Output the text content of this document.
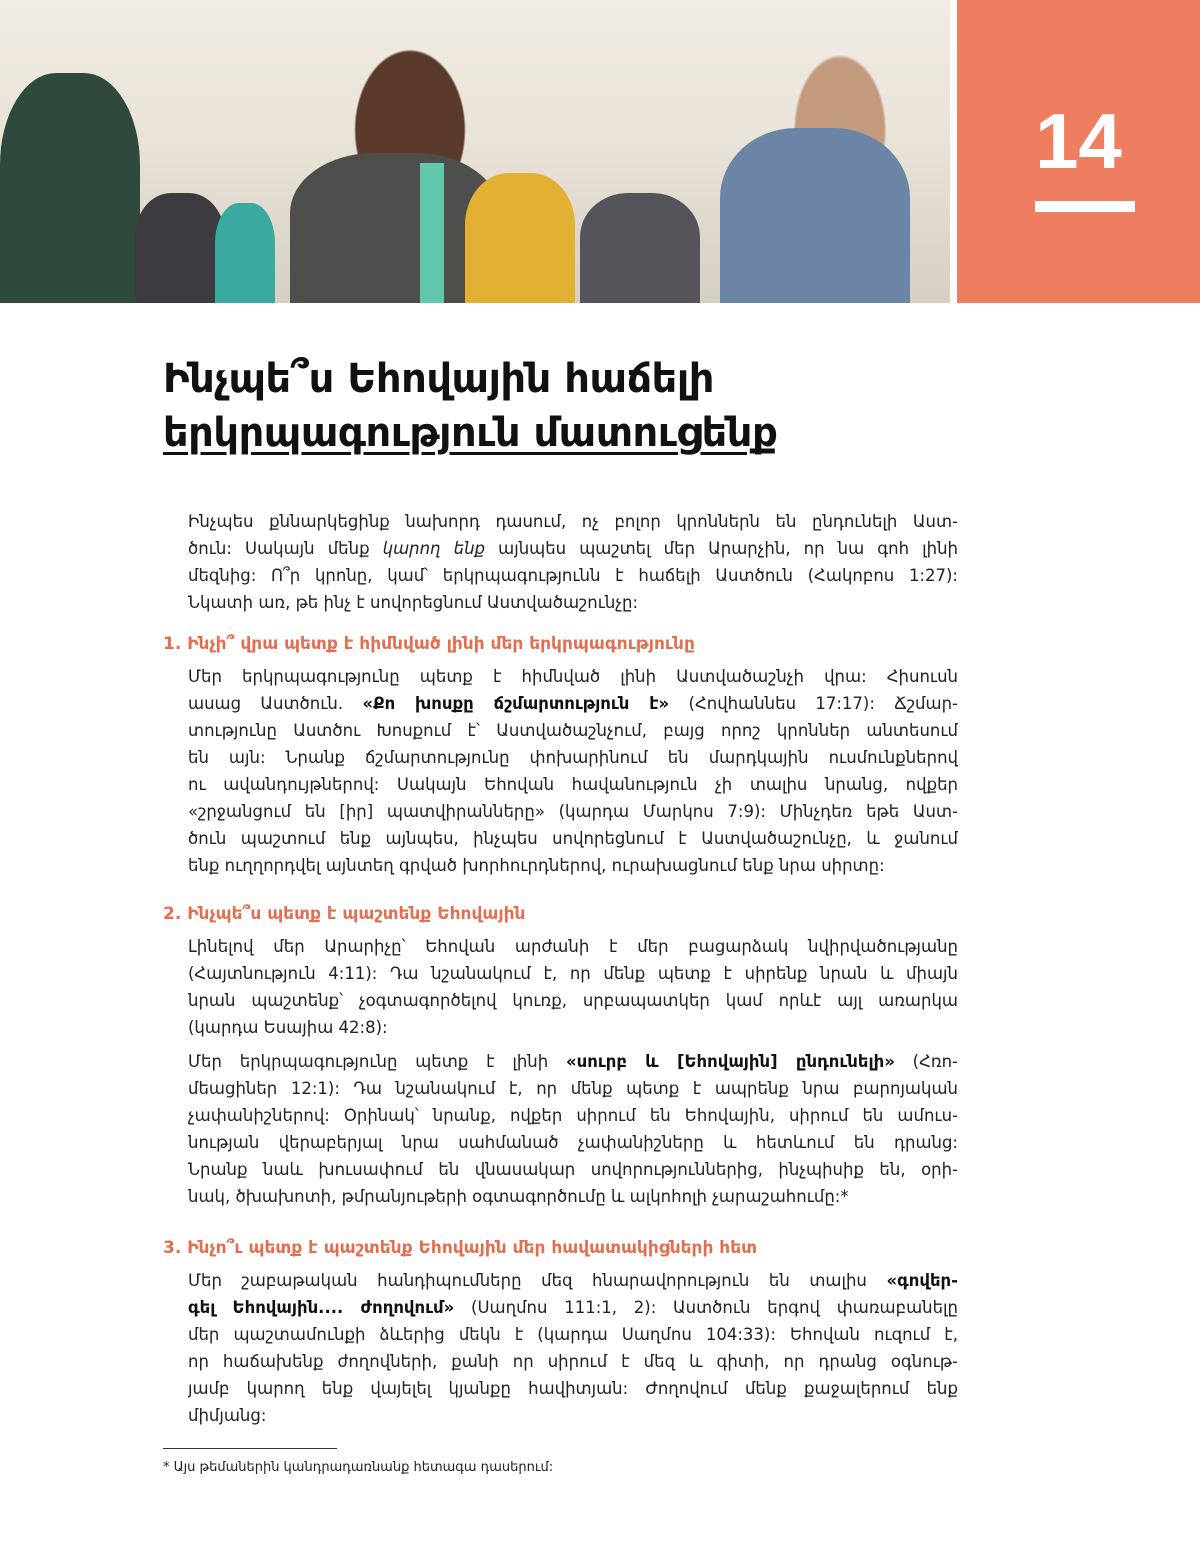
14
Ինչպե՞ս Եհովային հաճելի
երկրպագություն մատուցենք
Ինչպես քննարկեցինք նախորդ դասում, ոչ բոլոր կրոններն են ընդունելի Աստ-
ծուն: Սակայն մենք կարող ենք այնպես պաշտել մեր Արարչին, որ նա գոհ լինի
մեզնից: Ո՞ր կրոնը, կամ՝ երկրպագությունն է հաճելի Աստծուն (Հակոբոս 1:27):
Նկատի առ, թե ինչ է սովորեցնում Աստվածաշունչը:
1. Ինչի՞ վրա պետք է հիմնված լինի մեր երկրպագությունը
Մեր երկրպագությունը պետք է հիմնված լինի Աստվածաշնչի վրա: Հիսուսն
ասաց Աստծուն. «Քո խոսքը ճշմարտություն է» (Հովհաննես 17:17): Ճշմար-
տությունը Աստծու Խոսքում է՝ Աստվածաշնչում, բայց որոշ կրոններ անտեսում
են այն: Նրանք ճշմարտությունը փոխարինում են մարդկային ուսմունքներով
ու ավանդույթներով: Սակայն Եհովան հավանություն չի տալիս նրանց, ովքեր
«շրջանցում են [իր] պատվիրանները» (կարդա Մարկոս 7:9): Մինչդեռ եթե Աստ-
ծուն պաշտում ենք այնպես, ինչպես սովորեցնում է Աստվածաշունչը, և ջանում
ենք ուղղորդվել այնտեղ գրված խորհուրդներով, ուրախացնում ենք նրա սիրտը:
2. Ինչպե՞ս պետք է պաշտենք Եհովային
Լինելով մեր Արարիչը՝ Եհովան արժանի է մեր բացարձակ նվիրվածությանը
(Հայտնություն 4:11): Դա նշանակում է, որ մենք պետք է սիրենք նրան և միայն
նրան պաշտենք՝ չօգտագործելով կուռք, սրբապատկեր կամ որևէ այլ առարկա
(կարդա Եսայիա 42:8):
Մեր երկրպագությունը պետք է լինի «սուրբ և [Եհովային] ընդունելի» (Հռո-
մեացիներ 12:1): Դա նշանակում է, որ մենք պետք է ապրենք նրա բարոյական
չափանիշներով: Օրինակ՝ նրանք, ովքեր սիրում են Եհովային, սիրում են ամուս-
նության վերաբերյալ նրա սահմանած չափանիշները և հետևում են դրանց:
Նրանք նաև խուսափում են վնասակար սովորություններից, ինչպիսիք են, օրի-
նակ, ծխախոտի, թմրանյութերի օգտագործումը և ալկոհոլի չարաշահումը:*
3. Ինչո՞ւ պետք է պաշտենք Եհովային մեր հավատակիցների հետ
Մեր շաբաթական հանդիպումները մեզ հնարավորություն են տալիս «գովեր-
գել Եհովային.... ժողովում» (Սաղմոս 111:1, 2): Աստծուն երգով փառաբանելը
մեր պաշտամունքի ձևերից մեկն է (կարդա Սաղմոս 104:33): Եհովան ուզում է,
որ հաճախենք ժողովների, քանի որ սիրում է մեզ և գիտի, որ դրանց օգնութ-
յամբ կարող ենք վայելել կյանքը հավիտյան: Ժողովում մենք քաջալերում ենք
միմյանց:
* Այս թեմաներին կանդրադառնանք հետագա դասերում:
